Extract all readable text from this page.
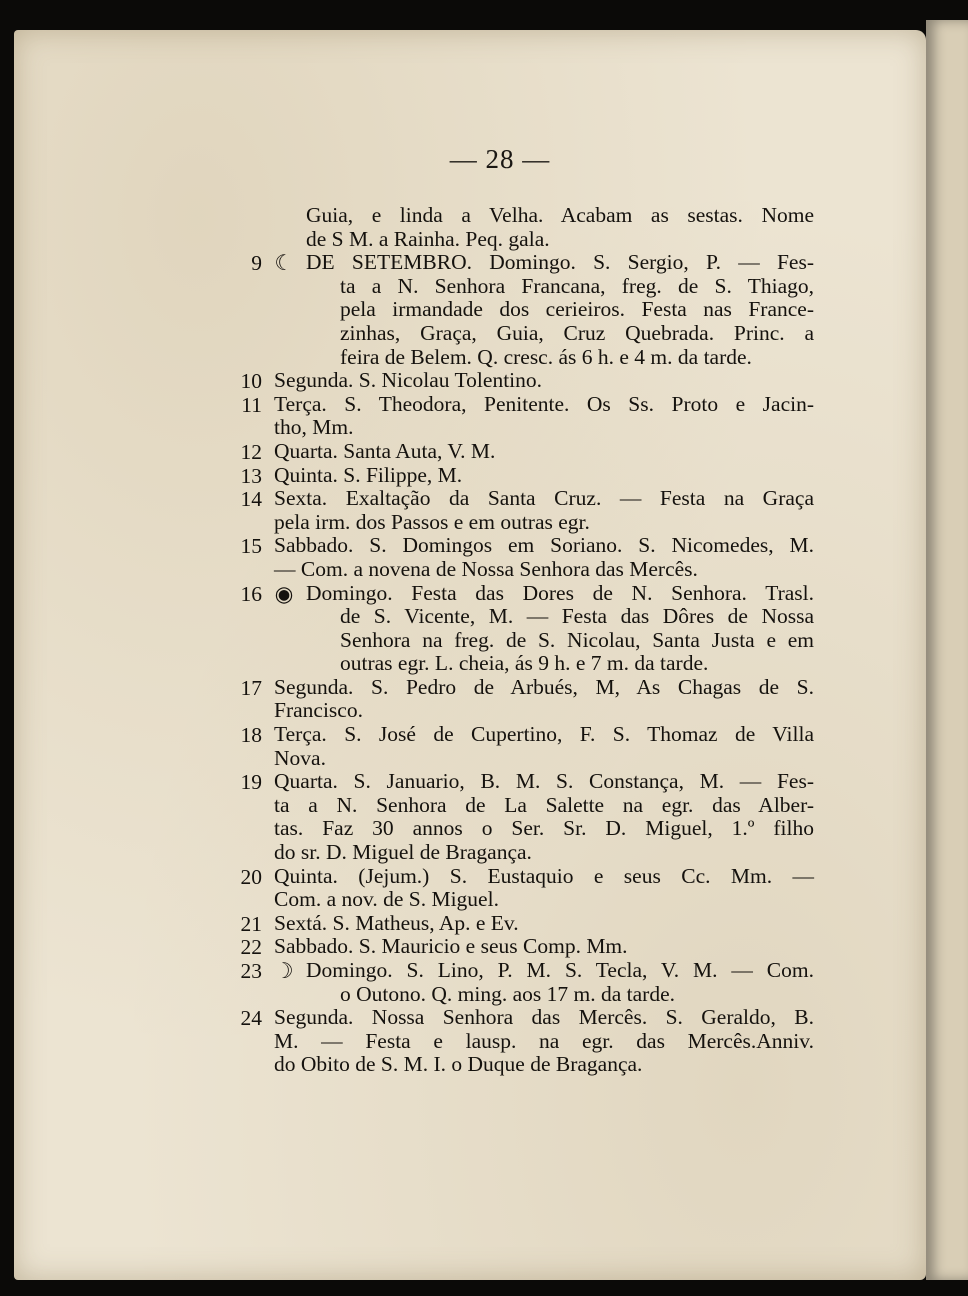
— 28 —
Guia, e linda a Velha. Acabam as sestas. Nome
de S M. a Rainha. Peq. gala.
9 ☾ DE SETEMBRO. Domingo. S. Sergio, P. — Fes-
ta a N. Senhora Francana, freg. de S. Thiago,
pela irmandade dos cerieiros. Festa nas France-
zinhas, Graça, Guia, Cruz Quebrada. Princ. a
feira de Belem. Q. cresc. ás 6 h. e 4 m. da tarde.
10 Segunda. S. Nicolau Tolentino.
11 Terça. S. Theodora, Penitente. Os Ss. Proto e Jacin-
tho, Mm.
12 Quarta. Santa Auta, V. M.
13 Quinta. S. Filippe, M.
14 Sexta. Exaltação da Santa Cruz. — Festa na Graça
pela irm. dos Passos e em outras egr.
15 Sabbado. S. Domingos em Soriano. S. Nicomedes, M.
— Com. a novena de Nossa Senhora das Mercês.
16 ◉ Domingo. Festa das Dores de N. Senhora. Trasl.
de S. Vicente, M. — Festa das Dôres de Nossa
Senhora na freg. de S. Nicolau, Santa Justa e em
outras egr. L. cheia, ás 9 h. e 7 m. da tarde.
17 Segunda. S. Pedro de Arbués, M, As Chagas de S.
Francisco.
18 Terça. S. José de Cupertino, F. S. Thomaz de Villa
Nova.
19 Quarta. S. Januario, B. M. S. Constança, M. — Fes-
ta a N. Senhora de La Salette na egr. das Alber-
tas. Faz 30 annos o Ser. Sr. D. Miguel, 1.º filho
do sr. D. Miguel de Bragança.
20 Quinta. (Jejum.) S. Eustaquio e seus Cc. Mm. —
Com. a nov. de S. Miguel.
21 Sextá. S. Matheus, Ap. e Ev.
22 Sabbado. S. Mauricio e seus Comp. Mm.
23 ☽ Domingo. S. Lino, P. M. S. Tecla, V. M. — Com.
o Outono. Q. ming. aos 17 m. da tarde.
24 Segunda. Nossa Senhora das Mercês. S. Geraldo, B.
M. — Festa e lausp. na egr. das Mercês.Anniv.
do Obito de S. M. I. o Duque de Bragança.
